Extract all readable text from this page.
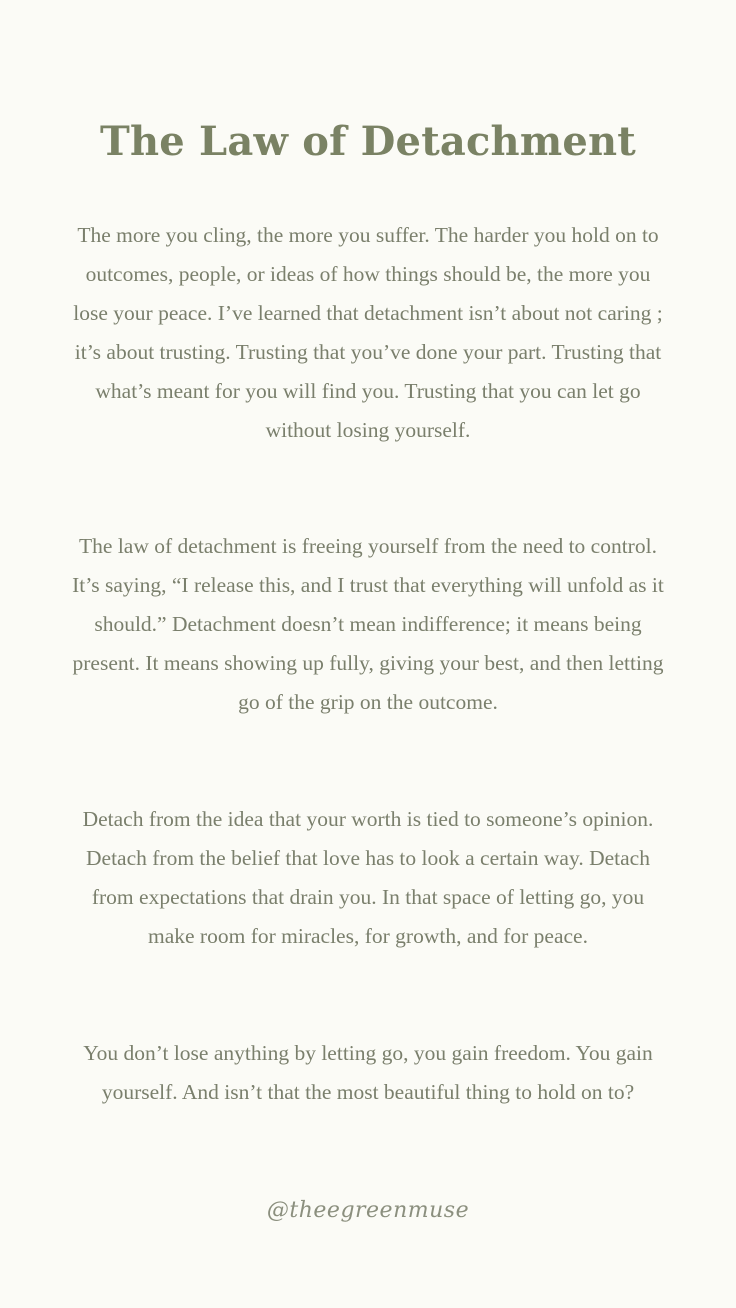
The Law of Detachment

The more you cling, the more you suffer. The harder you hold on to outcomes, people, or ideas of how things should be, the more you lose your peace. I’ve learned that detachment isn’t about not caring ; it’s about trusting. Trusting that you’ve done your part. Trusting that what’s meant for you will find you. Trusting that you can let go without losing yourself.

The law of detachment is freeing yourself from the need to control. It’s saying, “I release this, and I trust that everything will unfold as it should.” Detachment doesn’t mean indifference; it means being present. It means showing up fully, giving your best, and then letting go of the grip on the outcome.

Detach from the idea that your worth is tied to someone’s opinion. Detach from the belief that love has to look a certain way. Detach from expectations that drain you. In that space of letting go, you make room for miracles, for growth, and for peace.

You don’t lose anything by letting go, you gain freedom. You gain yourself. And isn’t that the most beautiful thing to hold on to?

@theegreenmuse
